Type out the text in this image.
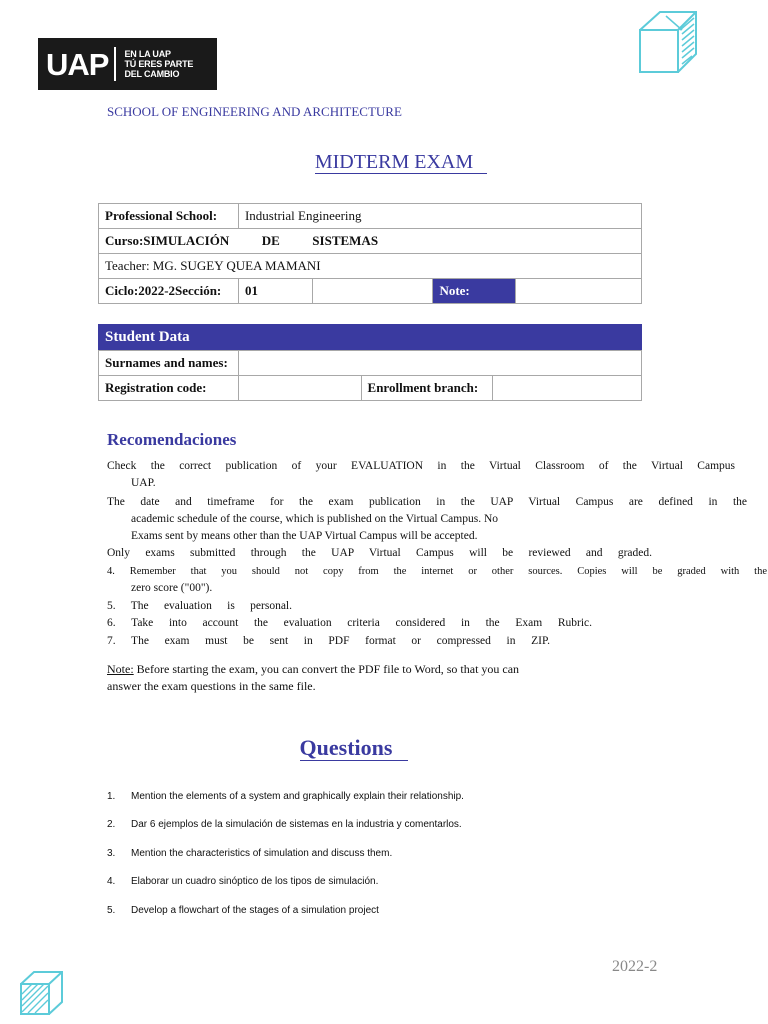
UAP EN LA UAP
TÚ ERES PARTE
DEL CAMBIO
SCHOOL OF ENGINEERING AND ARCHITECTURE
MIDTERM EXAM
Professional School:	Industrial Engineering			
Curso:SIMULACIÓN DE SISTEMAS				
Teacher: MG. SUGEY QUEA MAMANI				
Ciclo:2022-2Sección:	01		Note:	
Student Data
Surnames and names:			
Registration code:		Enrollment branch:	
Recomendaciones
Check the correct publication of your EVALUATION in the Virtual Classroom of the Virtual Campus
UAP.
The date and timeframe for the exam publication in the UAP Virtual Campus are defined in the
academic schedule of the course, which is published on the Virtual Campus. No
Exams sent by means other than the UAP Virtual Campus will be accepted.
Only exams submitted through the UAP Virtual Campus will be reviewed and graded.
4. Remember that you should not copy from the internet or other sources. Copies will be graded with the
zero score ("00").
5. The evaluation is personal.
6. Take into account the evaluation criteria considered in the Exam Rubric.
7. The exam must be sent in PDF format or compressed in ZIP.
Note: Before starting the exam, you can convert the PDF file to Word, so that you can
answer the exam questions in the same file.
Questions
1.	Mention the elements of a system and graphically explain their relationship.
2.	Dar 6 ejemplos de la simulación de sistemas en la industria y comentarlos.
3.	Mention the characteristics of simulation and discuss them.
4.	Elaborar un cuadro sinóptico de los tipos de simulación.
5.	Develop a flowchart of the stages of a simulation project
2022-2
